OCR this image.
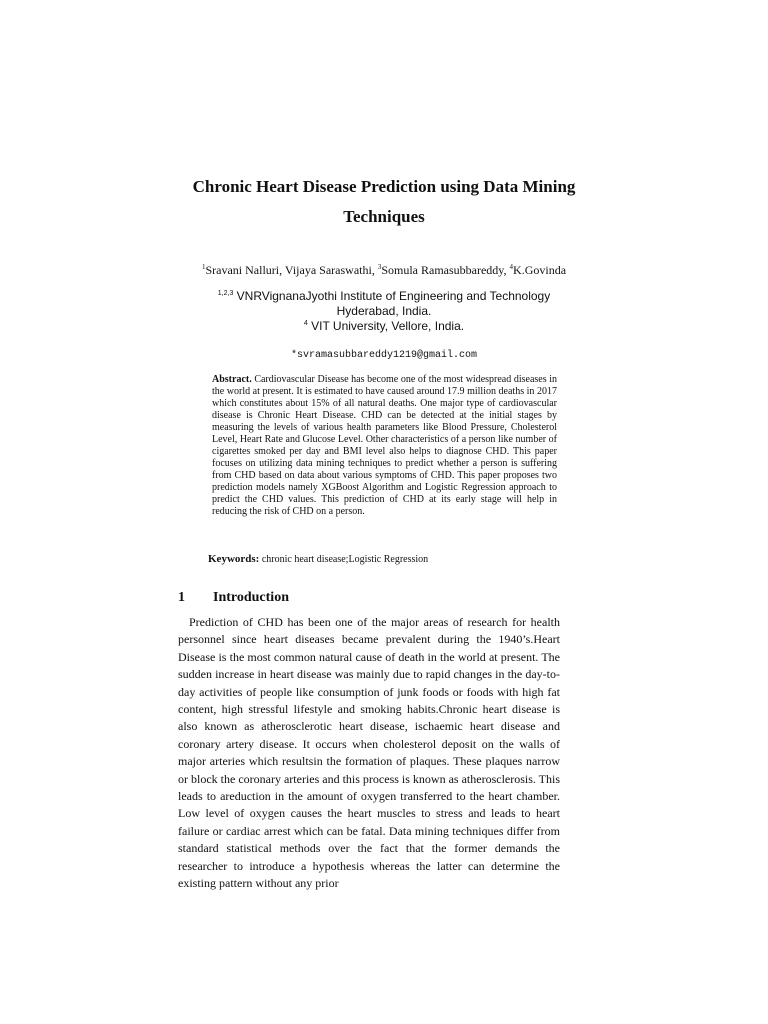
Chronic Heart Disease Prediction using Data Mining Techniques
$^1$Sravani Nalluri, Vijaya Saraswathi, $^3$Somula Ramasubbareddy, $^4$K.Govinda
$^{1,2,3}$ VNRVignanaJyothi Institute of Engineering and Technology
Hyderabad, India.
$^4$ VIT University, Vellore, India.
*svramasubbareddy1219@gmail.com
Abstract. Cardiovascular Disease has become one of the most widespread diseases in the world at present. It is estimated to have caused around 17.9 million deaths in 2017 which constitutes about 15% of all natural deaths. One major type of cardiovascular disease is Chronic Heart Disease. CHD can be detected at the initial stages by measuring the levels of various health parameters like Blood Pressure, Cholesterol Level, Heart Rate and Glucose Level. Other characteristics of a person like number of cigarettes smoked per day and BMI level also helps to diagnose CHD. This paper focuses on utilizing data mining techniques to predict whether a person is suffering from CHD based on data about various symptoms of CHD. This paper proposes two prediction models namely XGBoost Algorithm and Logistic Regression approach to predict the CHD values. This prediction of CHD at its early stage will help in reducing the risk of CHD on a person.
Keywords: chronic heart disease;Logistic Regression
1 Introduction

Prediction of CHD has been one of the major areas of research for health personnel since heart diseases became prevalent during the 1940’s.Heart Disease is the most common natural cause of death in the world at present. The sudden increase in heart disease was mainly due to rapid changes in the day-to-day activities of people like consumption of junk foods or foods with high fat content, high stressful lifestyle and smoking habits.Chronic heart disease is also known as atherosclerotic heart disease, ischaemic heart disease and coronary artery disease. It occurs when cholesterol deposit on the walls of major arteries which resultsin the formation of plaques. These plaques narrow or block the coronary arteries and this process is known as atherosclerosis. This leads to areduction in the amount of oxygen transferred to the heart chamber. Low level of oxygen causes the heart muscles to stress and leads to heart failure or cardiac arrest which can be fatal. Data mining techniques differ from standard statistical methods over the fact that the former demands the researcher to introduce a hypothesis whereas the latter can determine the existing pattern without any prior
